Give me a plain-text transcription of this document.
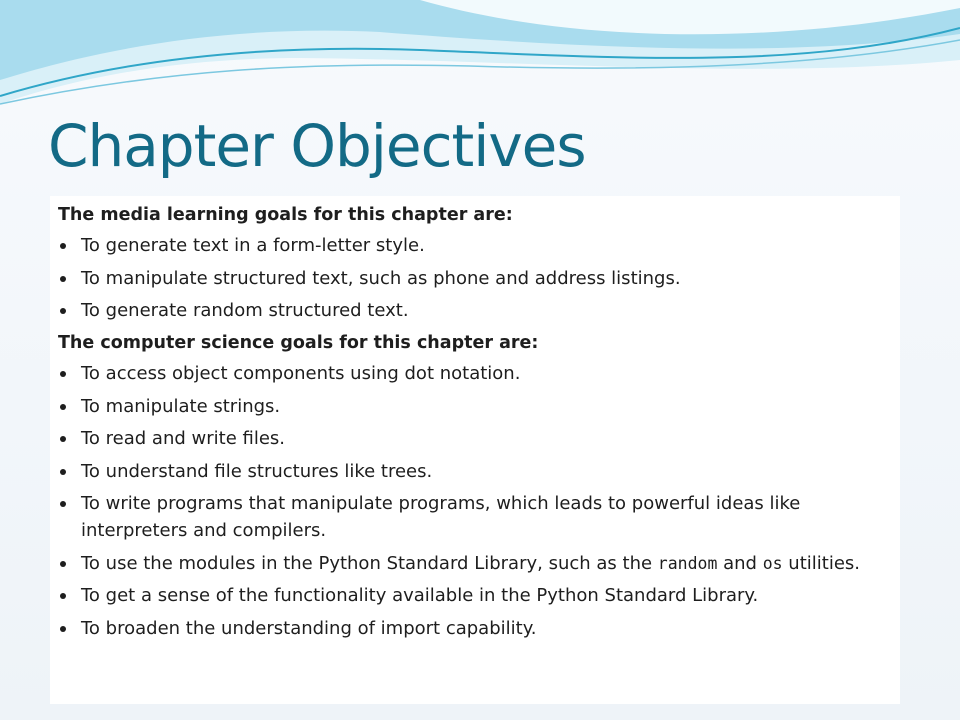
Chapter Objectives
The media learning goals for this chapter are:
To generate text in a form-letter style.
To manipulate structured text, such as phone and address listings.
To generate random structured text.
The computer science goals for this chapter are:
To access object components using dot notation.
To manipulate strings.
To read and write files.
To understand file structures like trees.
To write programs that manipulate programs, which leads to powerful ideas like interpreters and compilers.
To use the modules in the Python Standard Library, such as the random and os utilities.
To get a sense of the functionality available in the Python Standard Library.
To broaden the understanding of import capability.
